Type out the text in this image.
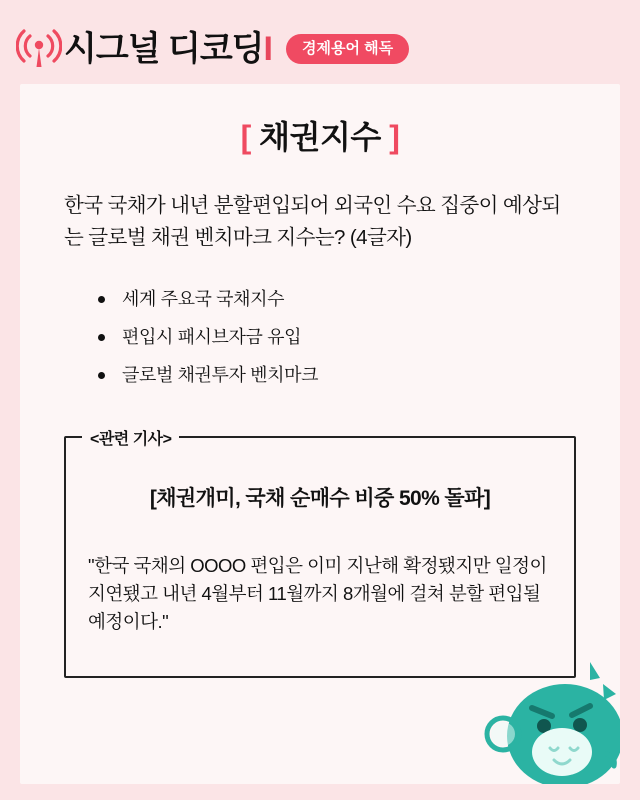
시그널 디코딩I	경제용어 해독
[ 채권지수 ]
한국 국채가 내년 분할편입되어 외국인 수요 집중이 예상되는 글로벌 채권 벤치마크 지수는? (4글자)
세계 주요국 국채지수
편입시 패시브자금 유입
글로벌 채권투자 벤치마크
<관련 기사>
[채권개미, 국채 순매수 비중 50% 돌파]
"한국 국채의 OOOO 편입은 이미 지난해 확정됐지만 일정이 지연됐고 내년 4월부터 11월까지 8개월에 걸쳐 분할 편입될 예정이다."
